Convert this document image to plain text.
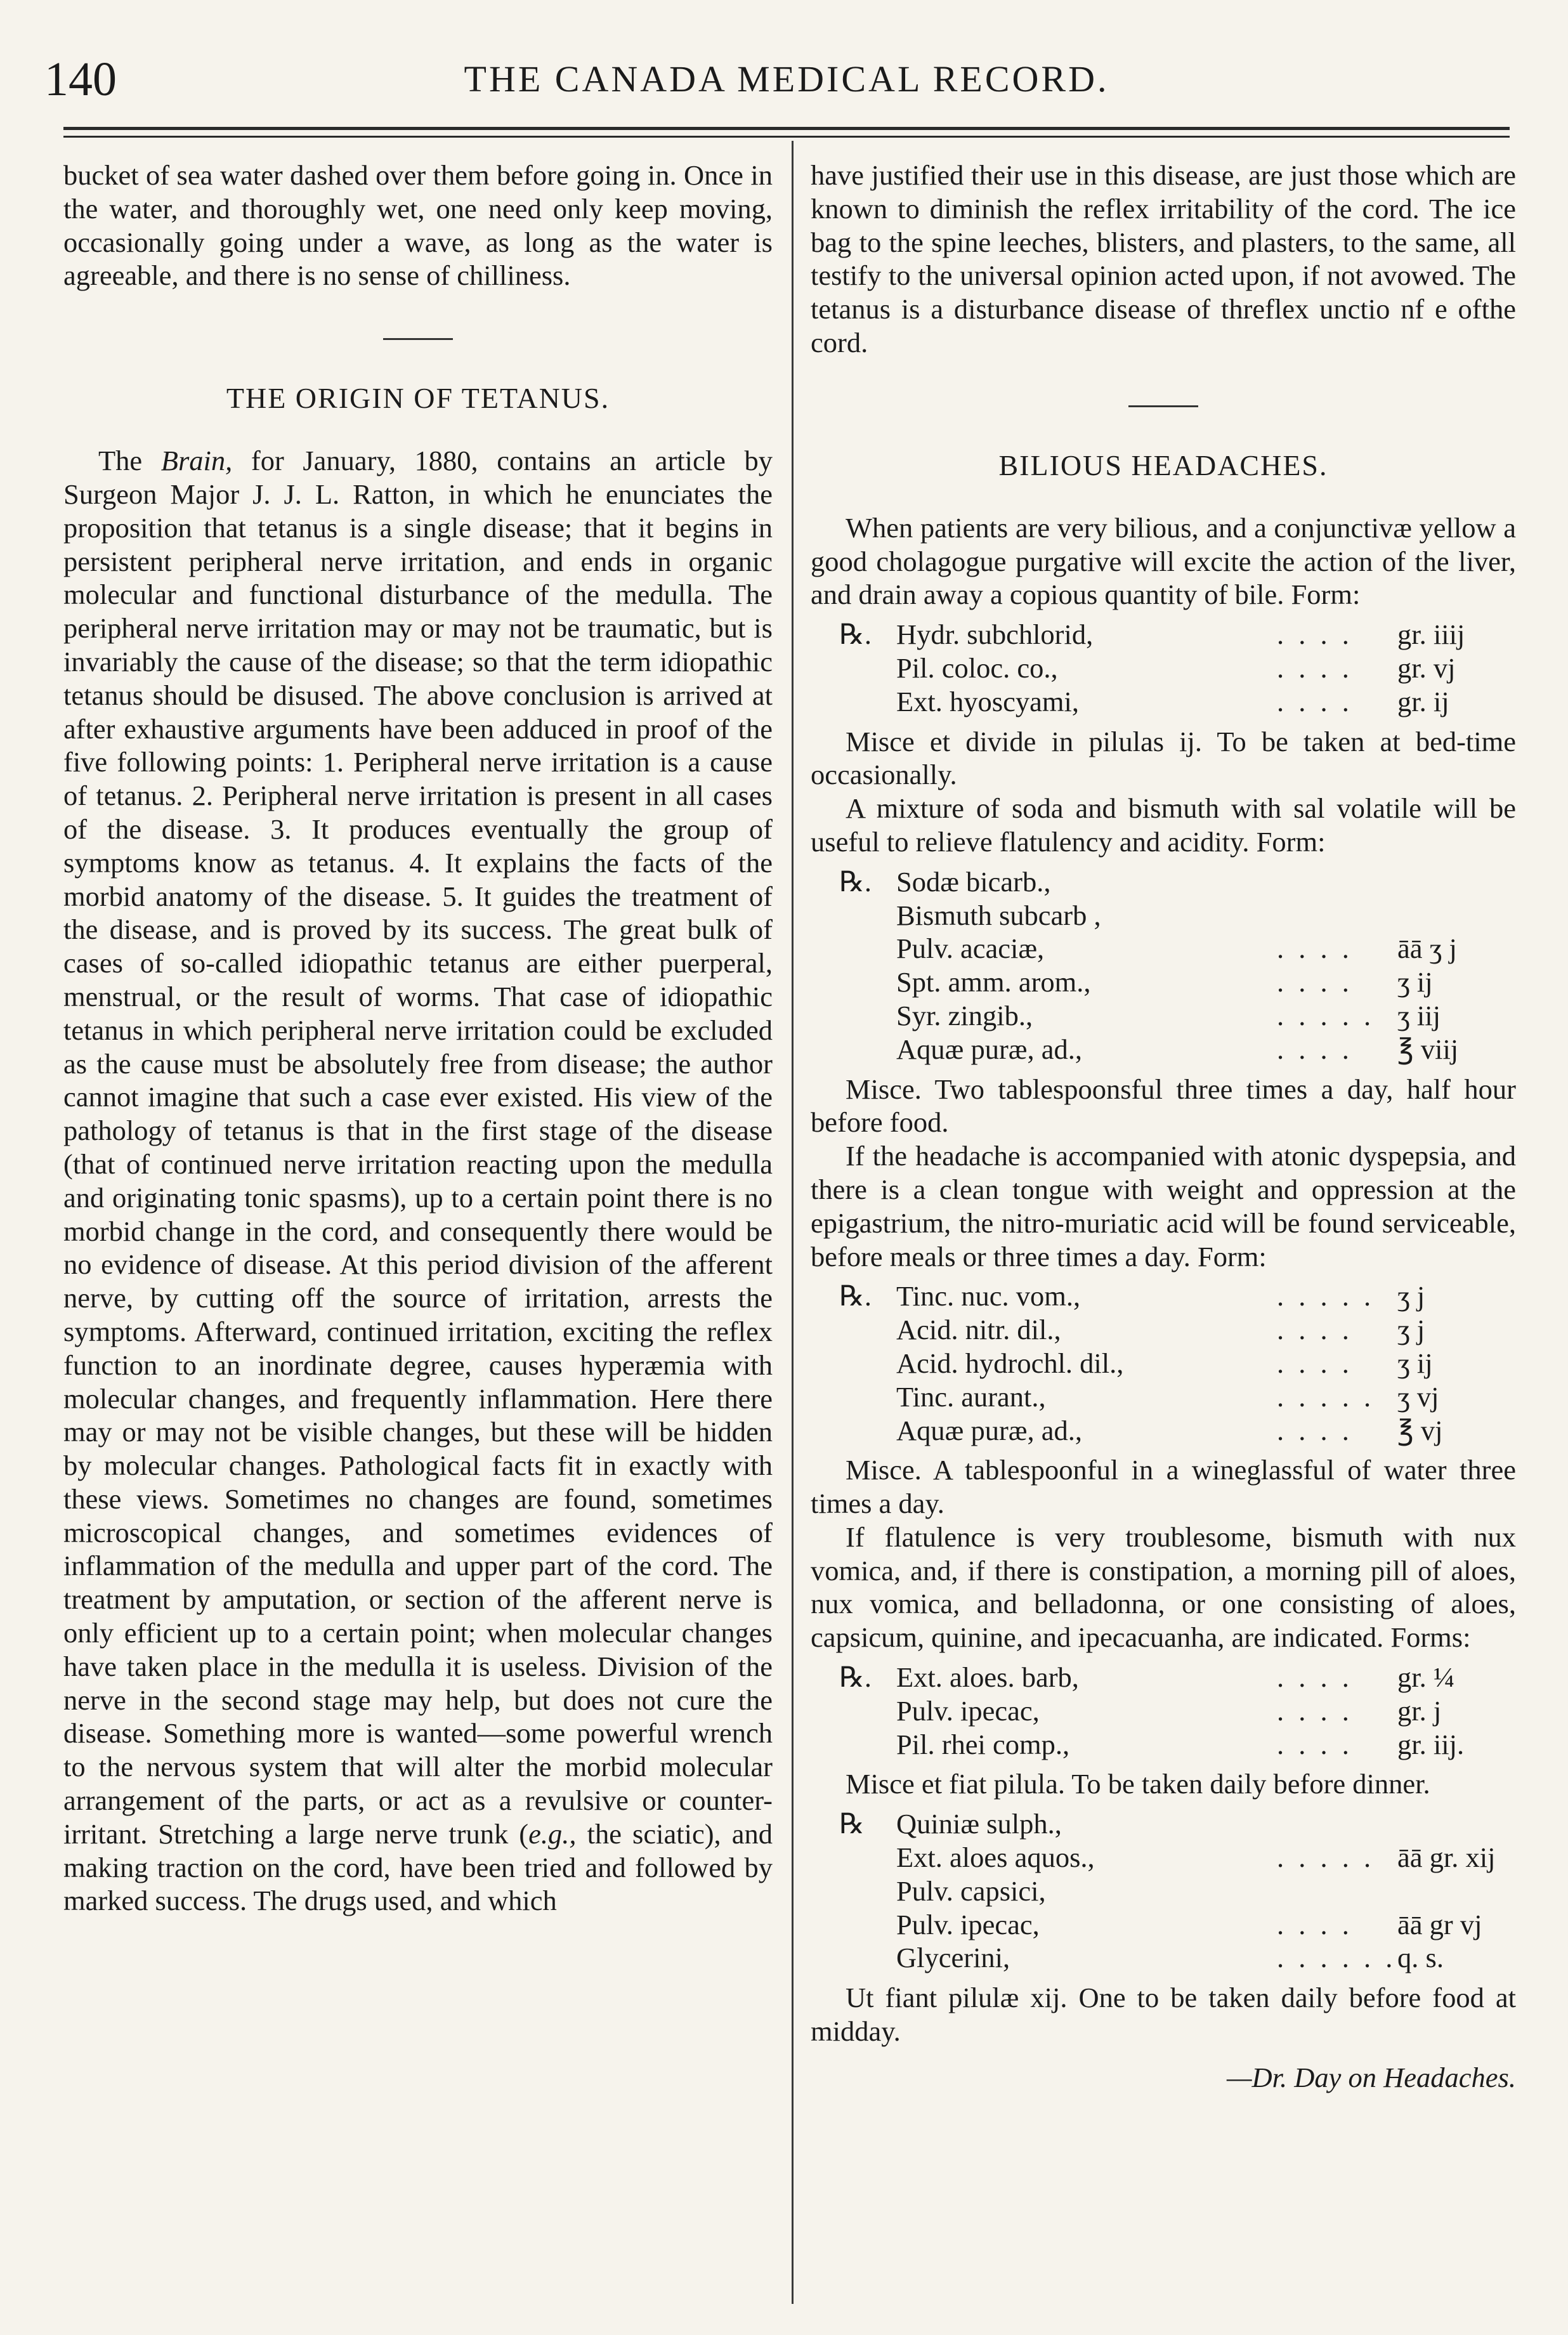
140	THE CANADA MEDICAL RECORD.

bucket of sea water dashed over them before going in. Once in the water, and thoroughly wet, one need only keep moving, occasionally going under a wave, as long as the water is agreeable, and there is no sense of chilliness.

THE ORIGIN OF TETANUS.

The Brain, for January, 1880, contains an article by Surgeon Major J. J. L. Ratton, in which he enunciates the proposition that tetanus is a single disease; that it begins in persistent peripheral nerve irritation, and ends in organic molecular and functional disturbance of the medulla. The peripheral nerve irritation may or may not be traumatic, but is invariably the cause of the disease; so that the term idiopathic tetanus should be disused. The above conclusion is arrived at after exhaustive arguments have been adduced in proof of the five following points: 1. Peripheral nerve irritation is a cause of tetanus. 2. Peripheral nerve irritation is present in all cases of the disease. 3. It produces eventually the group of symptoms know as tetanus. 4. It explains the facts of the morbid anatomy of the disease. 5. It guides the treatment of the disease, and is proved by its success. The great bulk of cases of so-called idiopathic tetanus are either puerperal, menstrual, or the result of worms. That case of idiopathic tetanus in which peripheral nerve irritation could be excluded as the cause must be absolutely free from disease; the author cannot imagine that such a case ever existed. His view of the pathology of tetanus is that in the first stage of the disease (that of continued nerve irritation reacting upon the medulla and originating tonic spasms), up to a certain point there is no morbid change in the cord, and consequently there would be no evidence of disease. At this period division of the afferent nerve, by cutting off the source of irritation, arrests the symptoms. Afterward, continued irritation, exciting the reflex function to an inordinate degree, causes hyperæmia with molecular changes, and frequently inflammation. Here there may or may not be visible changes, but these will be hidden by molecular changes. Pathological facts fit in exactly with these views. Sometimes no changes are found, sometimes microscopical changes, and sometimes evidences of inflammation of the medulla and upper part of the cord. The treatment by amputation, or section of the afferent nerve is only efficient up to a certain point; when molecular changes have taken place in the medulla it is useless. Division of the nerve in the second stage may help, but does not cure the disease. Something more is wanted—some powerful wrench to the nervous system that will alter the morbid molecular arrangement of the parts, or act as a revulsive or counter-irritant. Stretching a large nerve trunk (e.g., the sciatic), and making traction on the cord, have been tried and followed by marked success. The drugs used, and which

have justified their use in this disease, are just those which are known to diminish the reflex irritability of the cord. The ice bag to the spine leeches, blisters, and plasters, to the same, all testify to the universal opinion acted upon, if not avowed. The tetanus is a disturbance disease of threflex unctio nf e ofthe cord.

BILIOUS HEADACHES.

When patients are very bilious, and a conjunctivæ yellow a good cholagogue purgative will excite the action of the liver, and drain away a copious quantity of bile. Form:

℞. Hydr. subchlorid,	. . . .	gr. iiij
Pil. coloc. co.,	. . . .	gr. vj
Ext. hyoscyami,	. . . .	gr. ij

Misce et divide in pilulas ij. To be taken at bed-time occasionally.

A mixture of soda and bismuth with sal volatile will be useful to relieve flatulency and acidity. Form:

℞. Sodæ bicarb.,
Bismuth subcarb ,
Pulv. acaciæ,	. . . .	āā ʒ j
Spt. amm. arom.,	. . . .	ʒ ij
Syr. zingib.,	. . . . . ʒ iij
Aquæ puræ, ad.,	. . . .	℥ viij

Misce. Two tablespoonsful three times a day, half hour before food.

If the headache is accompanied with atonic dyspepsia, and there is a clean tongue with weight and oppression at the epigastrium, the nitro-muriatic acid will be found serviceable, before meals or three times a day. Form:

℞. Tinc. nuc. vom.,	. . . . . ʒ j
Acid. nitr. dil.,	. . . .	ʒ j
Acid. hydrochl. dil.,	. . . .	ʒ ij
Tinc. aurant.,	. . . . . ʒ vj
Aquæ puræ, ad.,	. . . .	℥ vj

Misce. A tablespoonful in a wineglassful of water three times a day.

If flatulence is very troublesome, bismuth with nux vomica, and, if there is constipation, a morning pill of aloes, nux vomica, and belladonna, or one consisting of aloes, capsicum, quinine, and ipecacuanha, are indicated. Forms:

℞. Ext. aloes. barb,	. . . .	gr. ¼
Pulv. ipecac,	. . . .	gr. j
Pil. rhei comp.,	. . . .	gr. iij.

Misce et fiat pilula. To be taken daily before dinner.

℞	Quiniæ sulph.,
Ext. aloes aquos.,	. . . . . āā gr. xij
Pulv. capsici,
Pulv. ipecac,	. . . .	āā gr vj
Glycerini,	. . . . . . q. s.

Ut fiant pilulæ xij. One to be taken daily before food at midday.

—Dr. Day on Headaches.
